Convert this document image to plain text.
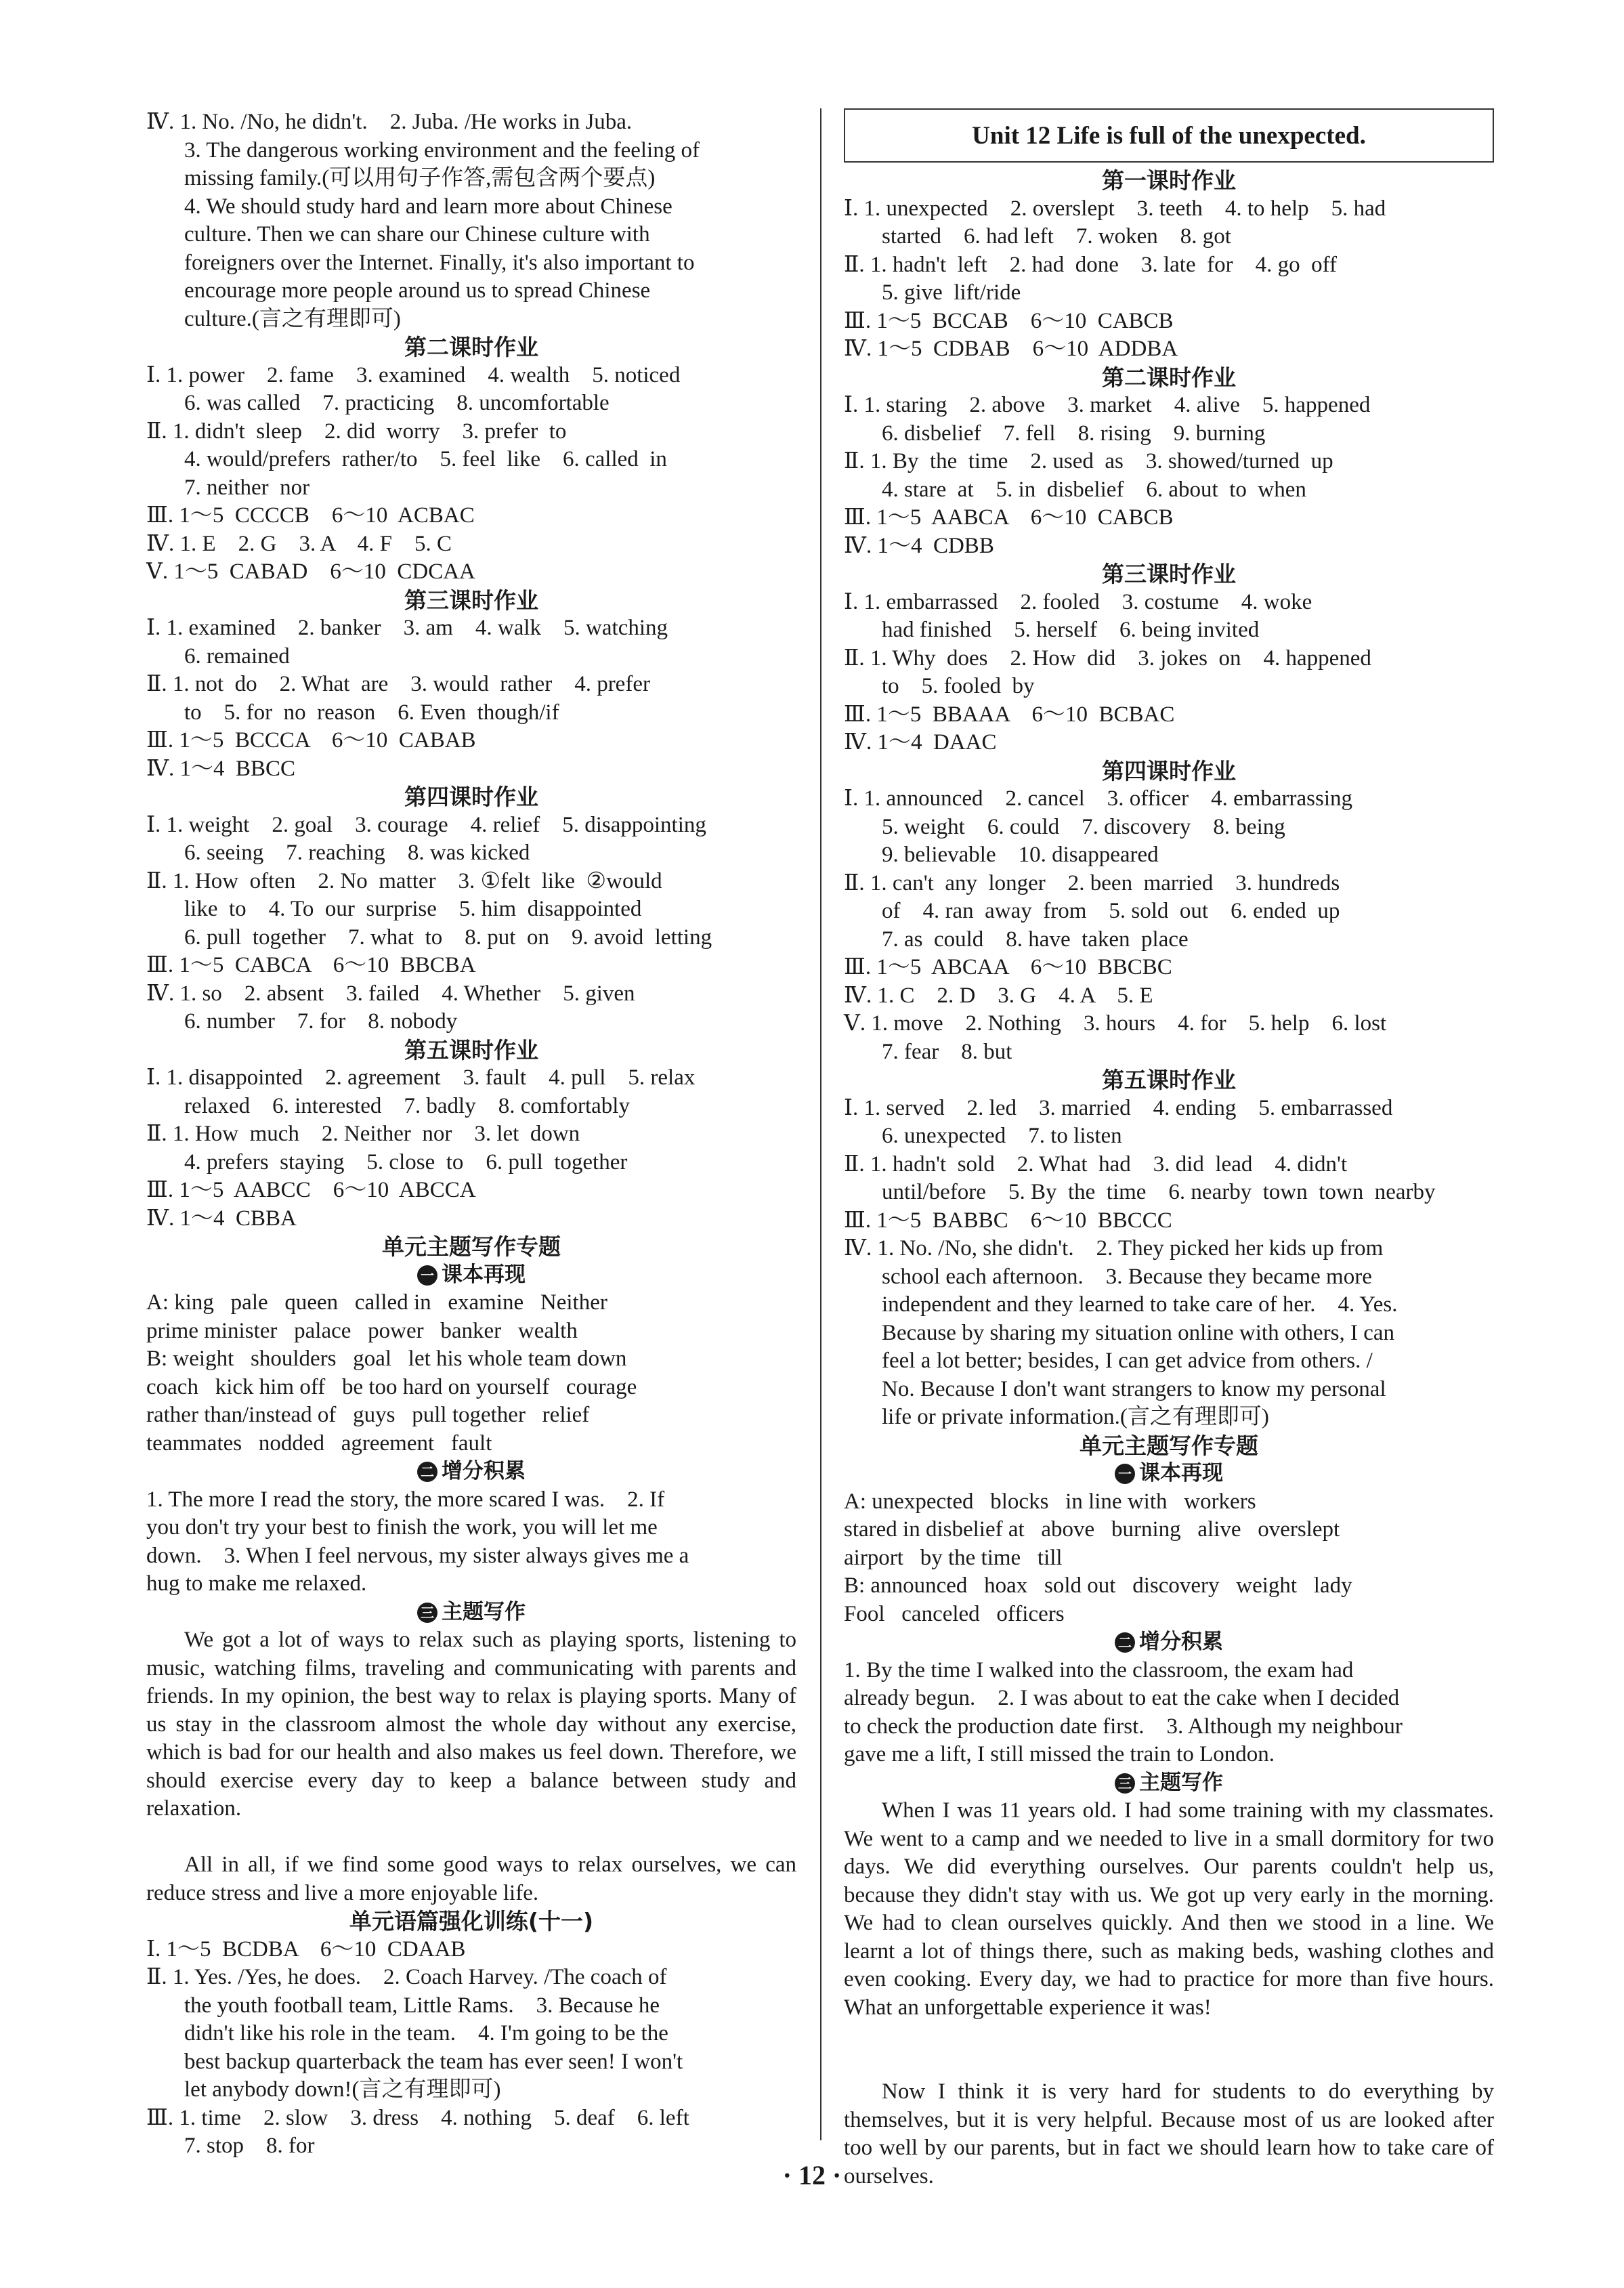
Ⅳ. 1. No. /No, he didn't.    2. Juba. /He works in Juba.
3. The dangerous working environment and the feeling of
missing family.(可以用句子作答,需包含两个要点)
4. We should study hard and learn more about Chinese
culture. Then we can share our Chinese culture with
foreigners over the Internet. Finally, it's also important to
encourage more people around us to spread Chinese
culture.(言之有理即可)
第二课时作业
Ⅰ. 1. power    2. fame    3. examined    4. wealth    5. noticed
6. was called    7. practicing    8. uncomfortable
Ⅱ. 1. didn't  sleep    2. did  worry    3. prefer  to
4. would/prefers  rather/to    5. feel  like    6. called  in
7. neither  nor
Ⅲ. 1～5  CCCCB    6～10  ACBAC
Ⅳ. 1. E    2. G    3. A    4. F    5. C
Ⅴ. 1～5  CABAD    6～10  CDCAA
第三课时作业
Ⅰ. 1. examined    2. banker    3. am    4. walk    5. watching
6. remained
Ⅱ. 1. not  do    2. What  are    3. would  rather    4. prefer
to    5. for  no  reason    6. Even  though/if
Ⅲ. 1～5  BCCCA    6～10  CABAB
Ⅳ. 1～4  BBCC
第四课时作业
Ⅰ. 1. weight    2. goal    3. courage    4. relief    5. disappointing
6. seeing    7. reaching    8. was kicked
Ⅱ. 1. How  often    2. No  matter    3. ①felt  like  ②would
like  to    4. To  our  surprise    5. him  disappointed
6. pull  together    7. what  to    8. put  on    9. avoid  letting
Ⅲ. 1～5  CABCA    6～10  BBCBA
Ⅳ. 1. so    2. absent    3. failed    4. Whether    5. given
6. number    7. for    8. nobody
第五课时作业
Ⅰ. 1. disappointed    2. agreement    3. fault    4. pull    5. relax
relaxed    6. interested    7. badly    8. comfortably
Ⅱ. 1. How  much    2. Neither  nor    3. let  down
4. prefers  staying    5. close  to    6. pull  together
Ⅲ. 1～5  AABCC    6～10  ABCCA
Ⅳ. 1～4  CBBA
单元主题写作专题
一 课本再现
A: king   pale   queen   called in   examine   Neither
prime minister   palace   power   banker   wealth
B: weight   shoulders   goal   let his whole team down
coach   kick him off   be too hard on yourself   courage
rather than/instead of   guys   pull together   relief
teammates   nodded   agreement   fault
二 增分积累
1. The more I read the story, the more scared I was.    2. If
you don't try your best to finish the work, you will let me
down.    3. When I feel nervous, my sister always gives me a
hug to make me relaxed.
三 主题写作

We got a lot of ways to relax such as playing sports, listening to music, watching films, traveling and communicating with parents and friends. In my opinion, the best way to relax is playing sports. Many of us stay in the classroom almost the whole day without any exercise, which is bad for our health and also makes us feel down. Therefore, we should exercise every day to keep a balance between study and relaxation.

All in all, if we find some good ways to relax ourselves, we can reduce stress and live a more enjoyable life.

单元语篇强化训练(十一)
Ⅰ. 1～5  BCDBA    6～10  CDAAB
Ⅱ. 1. Yes. /Yes, he does.    2. Coach Harvey. /The coach of
the youth football team, Little Rams.    3. Because he
didn't like his role in the team.    4. I'm going to be the
best backup quarterback the team has ever seen! I won't
let anybody down!(言之有理即可)
Ⅲ. 1. time    2. slow    3. dress    4. nothing    5. deaf    6. left
7. stop    8. for
Unit 12 Life is full of the unexpected.
第一课时作业
Ⅰ. 1. unexpected    2. overslept    3. teeth    4. to help    5. had
started    6. had left    7. woken    8. got
Ⅱ. 1. hadn't  left    2. had  done    3. late  for    4. go  off
5. give  lift/ride
Ⅲ. 1～5  BCCAB    6～10  CABCB
Ⅳ. 1～5  CDBAB    6～10  ADDBA
第二课时作业
Ⅰ. 1. staring    2. above    3. market    4. alive    5. happened
6. disbelief    7. fell    8. rising    9. burning
Ⅱ. 1. By  the  time    2. used  as    3. showed/turned  up
4. stare  at    5. in  disbelief    6. about  to  when
Ⅲ. 1～5  AABCA    6～10  CABCB
Ⅳ. 1～4  CDBB
第三课时作业
Ⅰ. 1. embarrassed    2. fooled    3. costume    4. woke
had finished    5. herself    6. being invited
Ⅱ. 1. Why  does    2. How  did    3. jokes  on    4. happened
to    5. fooled  by
Ⅲ. 1～5  BBAAA    6～10  BCBAC
Ⅳ. 1～4  DAAC
第四课时作业
Ⅰ. 1. announced    2. cancel    3. officer    4. embarrassing
5. weight    6. could    7. discovery    8. being
9. believable    10. disappeared
Ⅱ. 1. can't  any  longer    2. been  married    3. hundreds
of    4. ran  away  from    5. sold  out    6. ended  up
7. as  could    8. have  taken  place
Ⅲ. 1～5  ABCAA    6～10  BBCBC
Ⅳ. 1. C    2. D    3. G    4. A    5. E
Ⅴ. 1. move    2. Nothing    3. hours    4. for    5. help    6. lost
7. fear    8. but
第五课时作业
Ⅰ. 1. served    2. led    3. married    4. ending    5. embarrassed
6. unexpected    7. to listen
Ⅱ. 1. hadn't  sold    2. What  had    3. did  lead    4. didn't
until/before    5. By  the  time    6. nearby  town  town  nearby
Ⅲ. 1～5  BABBC    6～10  BBCCC
Ⅳ. 1. No. /No, she didn't.    2. They picked her kids up from
school each afternoon.    3. Because they became more
independent and they learned to take care of her.    4. Yes.
Because by sharing my situation online with others, I can
feel a lot better; besides, I can get advice from others. /
No. Because I don't want strangers to know my personal
life or private information.(言之有理即可)
单元主题写作专题
一 课本再现
A: unexpected   blocks   in line with   workers
stared in disbelief at   above   burning   alive   overslept
airport   by the time   till
B: announced   hoax   sold out   discovery   weight   lady
Fool   canceled   officers
二 增分积累
1. By the time I walked into the classroom, the exam had
already begun.    2. I was about to eat the cake when I decided
to check the production date first.    3. Although my neighbour
gave me a lift, I still missed the train to London.
三 主题写作

When I was 11 years old. I had some training with my classmates. We went to a camp and we needed to live in a small dormitory for two days. We did everything ourselves. Our parents couldn't help us, because they didn't stay with us. We got up very early in the morning. We had to clean ourselves quickly. And then we stood in a line. We learnt a lot of things there, such as making beds, washing clothes and even cooking. Every day, we had to practice for more than five hours. What an unforgettable experience it was!

Now I think it is very hard for students to do everything by themselves, but it is very helpful. Because most of us are looked after too well by our parents, but in fact we should learn how to take care of ourselves.

· 12 ·
